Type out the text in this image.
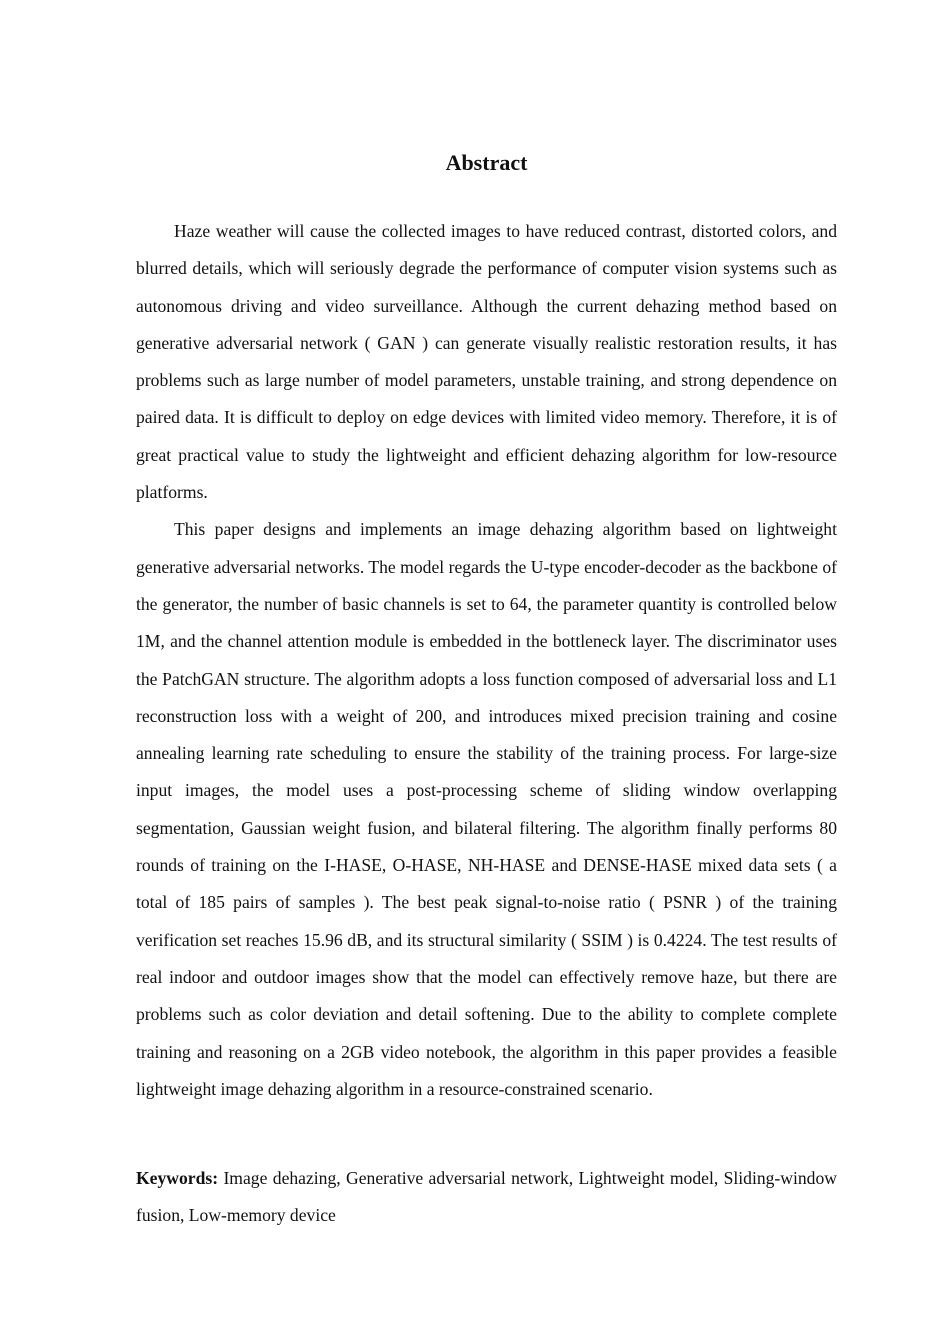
Abstract

Haze weather will cause the collected images to have reduced contrast, distorted colors, and blurred details, which will seriously degrade the performance of computer vision systems such as autonomous driving and video surveillance. Although the current dehazing method based on generative adversarial network ( GAN ) can generate visually realistic restoration results, it has problems such as large number of model parameters, unstable training, and strong dependence on paired data. It is difficult to deploy on edge devices with limited video memory. Therefore, it is of great practical value to study the lightweight and efficient dehazing algorithm for low-resource platforms.

This paper designs and implements an image dehazing algorithm based on lightweight generative adversarial networks. The model regards the U-type encoder-decoder as the backbone of the generator, the number of basic channels is set to 64, the parameter quantity is controlled below 1M, and the channel attention module is embedded in the bottleneck layer. The discriminator uses the PatchGAN structure. The algorithm adopts a loss function composed of adversarial loss and L1 reconstruction loss with a weight of 200, and introduces mixed precision training and cosine annealing learning rate scheduling to ensure the stability of the training process. For large-size input images, the model uses a post-processing scheme of sliding window overlapping segmentation, Gaussian weight fusion, and bilateral filtering. The algorithm finally performs 80 rounds of training on the I-HASE, O-HASE, NH-HASE and DENSE-HASE mixed data sets ( a total of 185 pairs of samples ). The best peak signal-to-noise ratio ( PSNR ) of the training verification set reaches 15.96 dB, and its structural similarity ( SSIM ) is 0.4224. The test results of real indoor and outdoor images show that the model can effectively remove haze, but there are problems such as color deviation and detail softening. Due to the ability to complete complete training and reasoning on a 2GB video notebook, the algorithm in this paper provides a feasible lightweight image dehazing algorithm in a resource-constrained scenario.

Keywords: Image dehazing, Generative adversarial network, Lightweight model, Sliding-window fusion, Low-memory device
